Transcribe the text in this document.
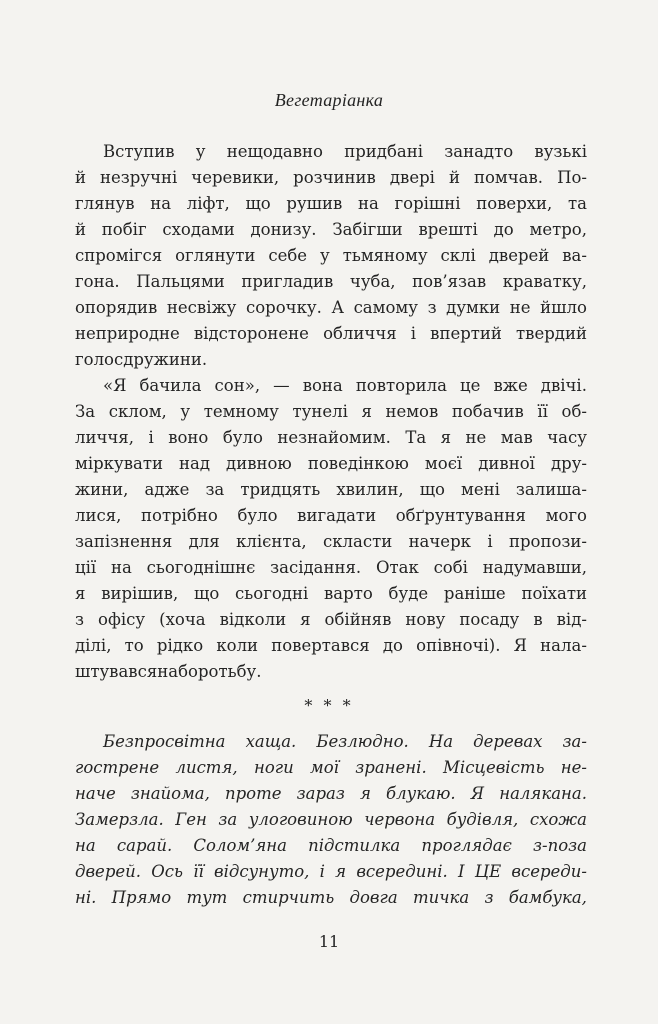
Вегетаріанка
Вступив у нещодавно придбані занадто вузькі
й незручні черевики, розчинив двері й помчав. По-
глянув на ліфт, що рушив на горішні поверхи, та
й побіг сходами донизу. Забігши врешті до метро,
спромігся оглянути себе у тьмяному склі дверей ва-
гона. Пальцями пригладив чуба, пов’язав краватку,
опорядив несвіжу сорочку. А самому з думки не йшло
неприродне відсторонене обличчя і впертий твердий
голос дружини.
«Я бачила сон», — вона повторила це вже двічі.
За склом, у темному тунелі я немов побачив її об-
личчя, і воно було незнайомим. Та я не мав часу
міркувати над дивною поведінкою моєї дивної дру-
жини, адже за тридцять хвилин, що мені залиша-
лися, потрібно було вигадати обґрунтування мого
запізнення для клієнта, скласти начерк і пропози-
ції на сьогоднішнє засідання. Отак собі надумавши,
я вирішив, що сьогодні варто буде раніше поїхати
з офісу (хоча відколи я обійняв нову посаду в від-
ділі, то рідко коли повертався до опівночі). Я нала-
штувався на боротьбу.
* * *
Безпросвітна хаща. Безлюдно. На деревах за-
гострене листя, ноги мої зранені. Місцевість не-
наче знайома, проте зараз я блукаю. Я налякана.
Замерзла. Ген за улоговиною червона будівля, схожа
на сарай. Солом’яна підстилка проглядає з-поза
дверей. Ось її відсунуто, і я всередині. І ЦЕ всереди-
ні. Прямо тут стирчить довга тичка з бамбука,
11
